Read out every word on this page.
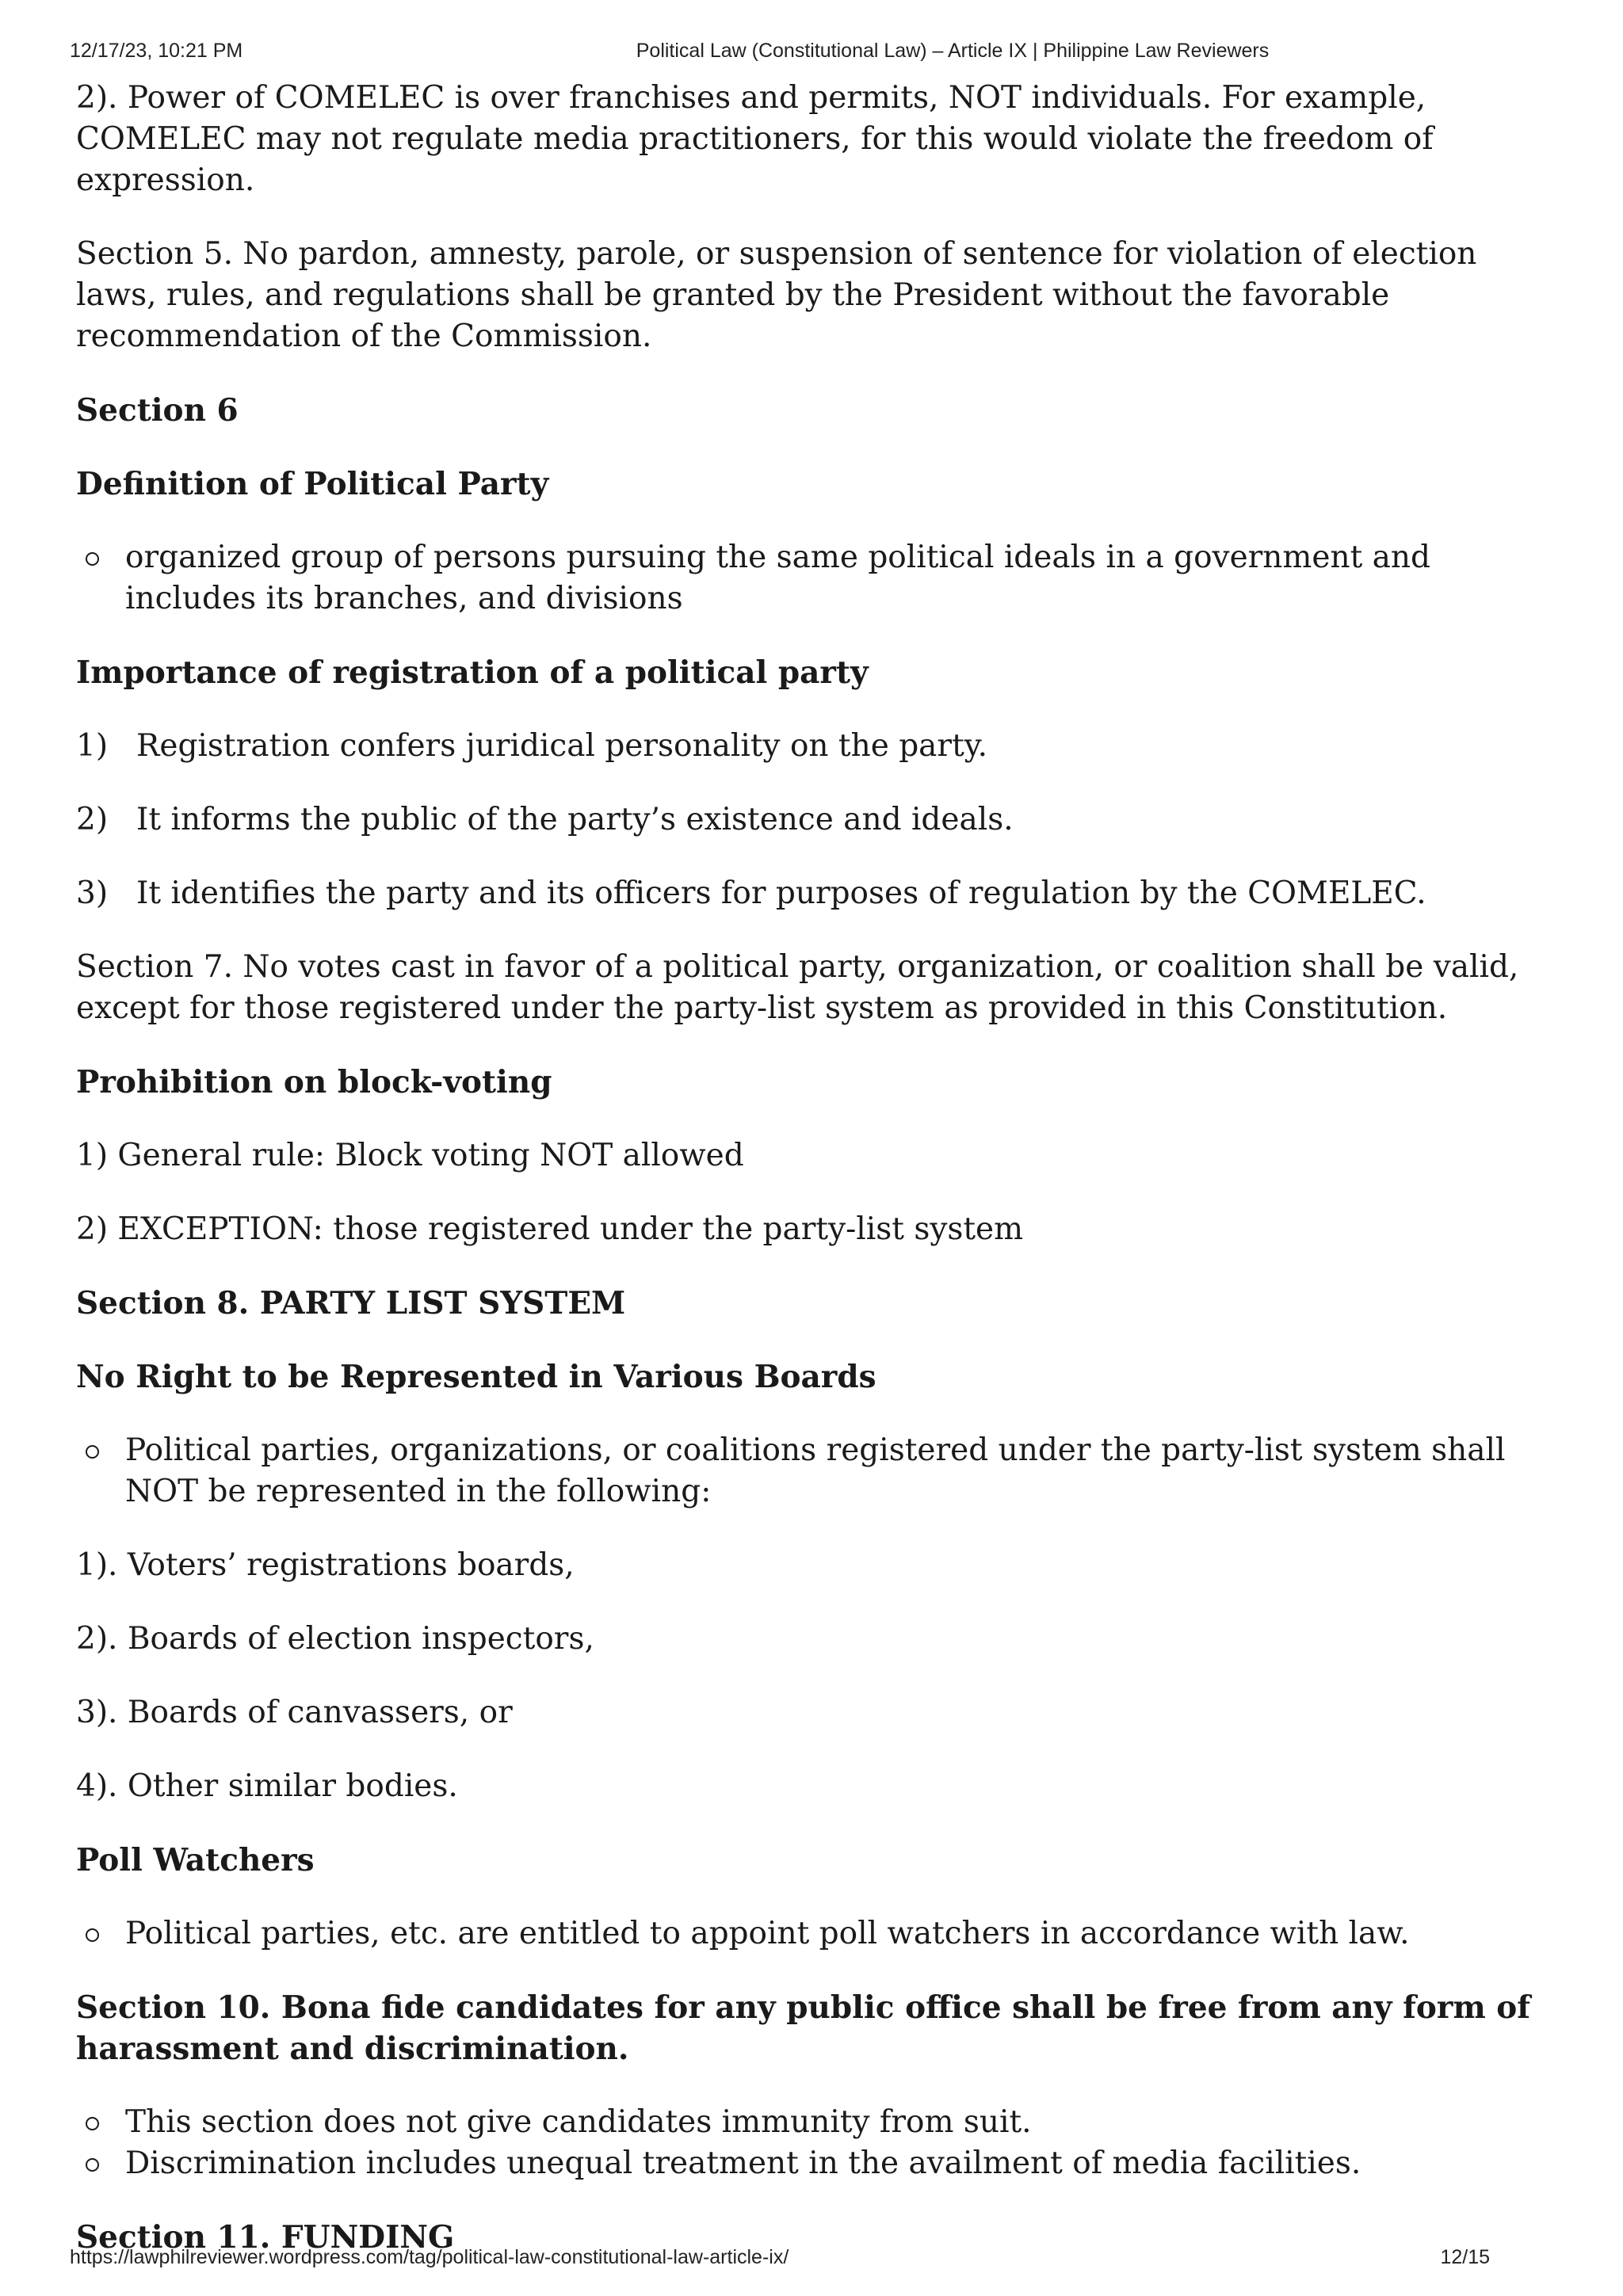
12/17/23, 10:21 PM	Political Law (Constitutional Law) – Article IX | Philippine Law Reviewers

2). Power of COMELEC is over franchises and permits, NOT individuals. For example, COMELEC may not regulate media practitioners, for this would violate the freedom of expression.

Section 5. No pardon, amnesty, parole, or suspension of sentence for violation of election laws, rules, and regulations shall be granted by the President without the favorable recommendation of the Commission.

Section 6

Definition of Political Party

organized group of persons pursuing the same political ideals in a government and includes its branches, and divisions

Importance of registration of a political party

1) Registration confers juridical personality on the party.

2) It informs the public of the party’s existence and ideals.

3) It identifies the party and its officers for purposes of regulation by the COMELEC.

Section 7. No votes cast in favor of a political party, organization, or coalition shall be valid, except for those registered under the party-list system as provided in this Constitution.

Prohibition on block-voting

1) General rule: Block voting NOT allowed

2) EXCEPTION: those registered under the party-list system

Section 8. PARTY LIST SYSTEM

No Right to be Represented in Various Boards

Political parties, organizations, or coalitions registered under the party-list system shall NOT be represented in the following:

1). Voters’ registrations boards,

2). Boards of election inspectors,

3). Boards of canvassers, or

4). Other similar bodies.

Poll Watchers

Political parties, etc. are entitled to appoint poll watchers in accordance with law.

Section 10. Bona fide candidates for any public office shall be free from any form of harassment and discrimination.

This section does not give candidates immunity from suit.
Discrimination includes unequal treatment in the availment of media facilities.

Section 11. FUNDING

https://lawphilreviewer.wordpress.com/tag/political-law-constitutional-law-article-ix/	12/15
